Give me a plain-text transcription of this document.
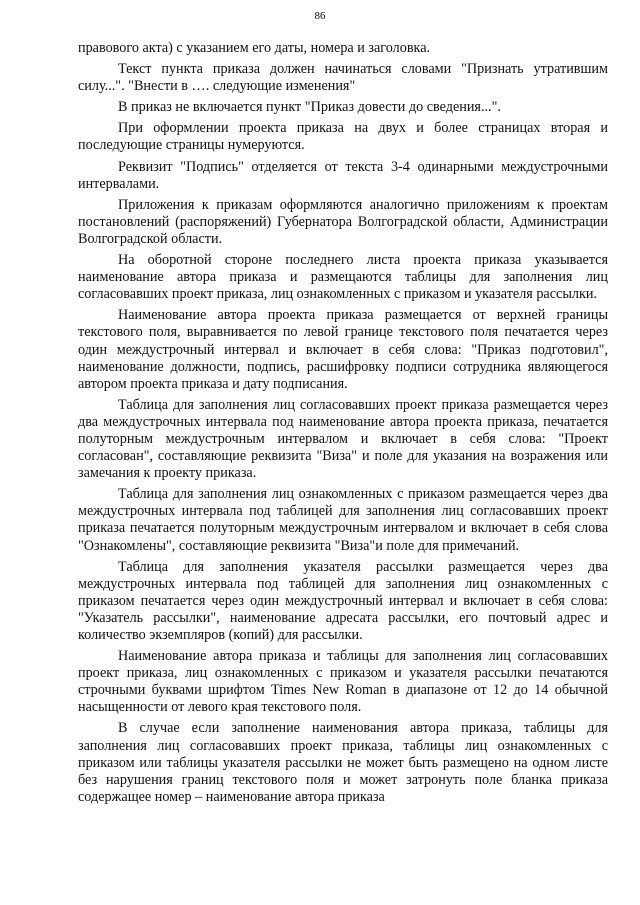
86

правового акта) с указанием его даты, номера и заголовка.

Текст пункта приказа должен начинаться словами "Признать утратившим силу...". "Внести в …. следующие изменения"

В приказ не включается пункт "Приказ довести до сведения...".

При оформлении проекта приказа на двух и более страницах вторая и последующие страницы нумеруются.

Реквизит "Подпись" отделяется от текста 3-4 одинарными междустрочными интервалами.

Приложения к приказам оформляются аналогично приложениям к проектам постановлений (распоряжений) Губернатора Волгоградской области, Администрации Волгоградской области.

На оборотной стороне последнего листа проекта приказа указывается наименование автора приказа и размещаются таблицы для заполнения лиц согласовавших проект приказа, лиц ознакомленных с приказом и указателя рассылки.

Наименование автора проекта приказа размещается от верхней границы текстового поля, выравнивается по левой границе текстового поля печатается через один междустрочный интервал и включает в себя слова: "Приказ подготовил", наименование должности, подпись, расшифровку подписи сотрудника являющегося автором проекта приказа и дату подписания.

Таблица для заполнения лиц согласовавших проект приказа размещается через два междустрочных интервала под наименование автора проекта приказа, печатается полуторным междустрочным интервалом и включает в себя слова: "Проект согласован", составляющие реквизита "Виза" и поле для указания на возражения или замечания к проекту приказа.

Таблица для заполнения лиц ознакомленных с приказом размещается через два междустрочных интервала под таблицей для заполнения лиц согласовавших проект приказа печатается полуторным междустрочным интервалом и включает в себя слова "Ознакомлены", составляющие реквизита "Виза"и поле для примечаний.

Таблица для заполнения указателя рассылки размещается через два междустрочных интервала под таблицей для заполнения лиц ознакомленных с приказом печатается через один междустрочный интервал и включает в себя слова: "Указатель рассылки", наименование адресата рассылки, его почтовый адрес и количество экземпляров (копий) для рассылки.

Наименование автора приказа и таблицы для заполнения лиц согласовавших проект приказа, лиц ознакомленных с приказом и указателя рассылки печатаются строчными буквами шрифтом Times New Roman в диапазоне от 12 до 14 обычной насыщенности от левого края текстового поля.

В случае если заполнение наименования автора приказа, таблицы для заполнения лиц согласовавших проект приказа, таблицы лиц ознакомленных с приказом или таблицы указателя рассылки не может быть размещено на одном листе без нарушения границ текстового поля и может затронуть поле бланка приказа содержащее номер – наименование автора приказа
